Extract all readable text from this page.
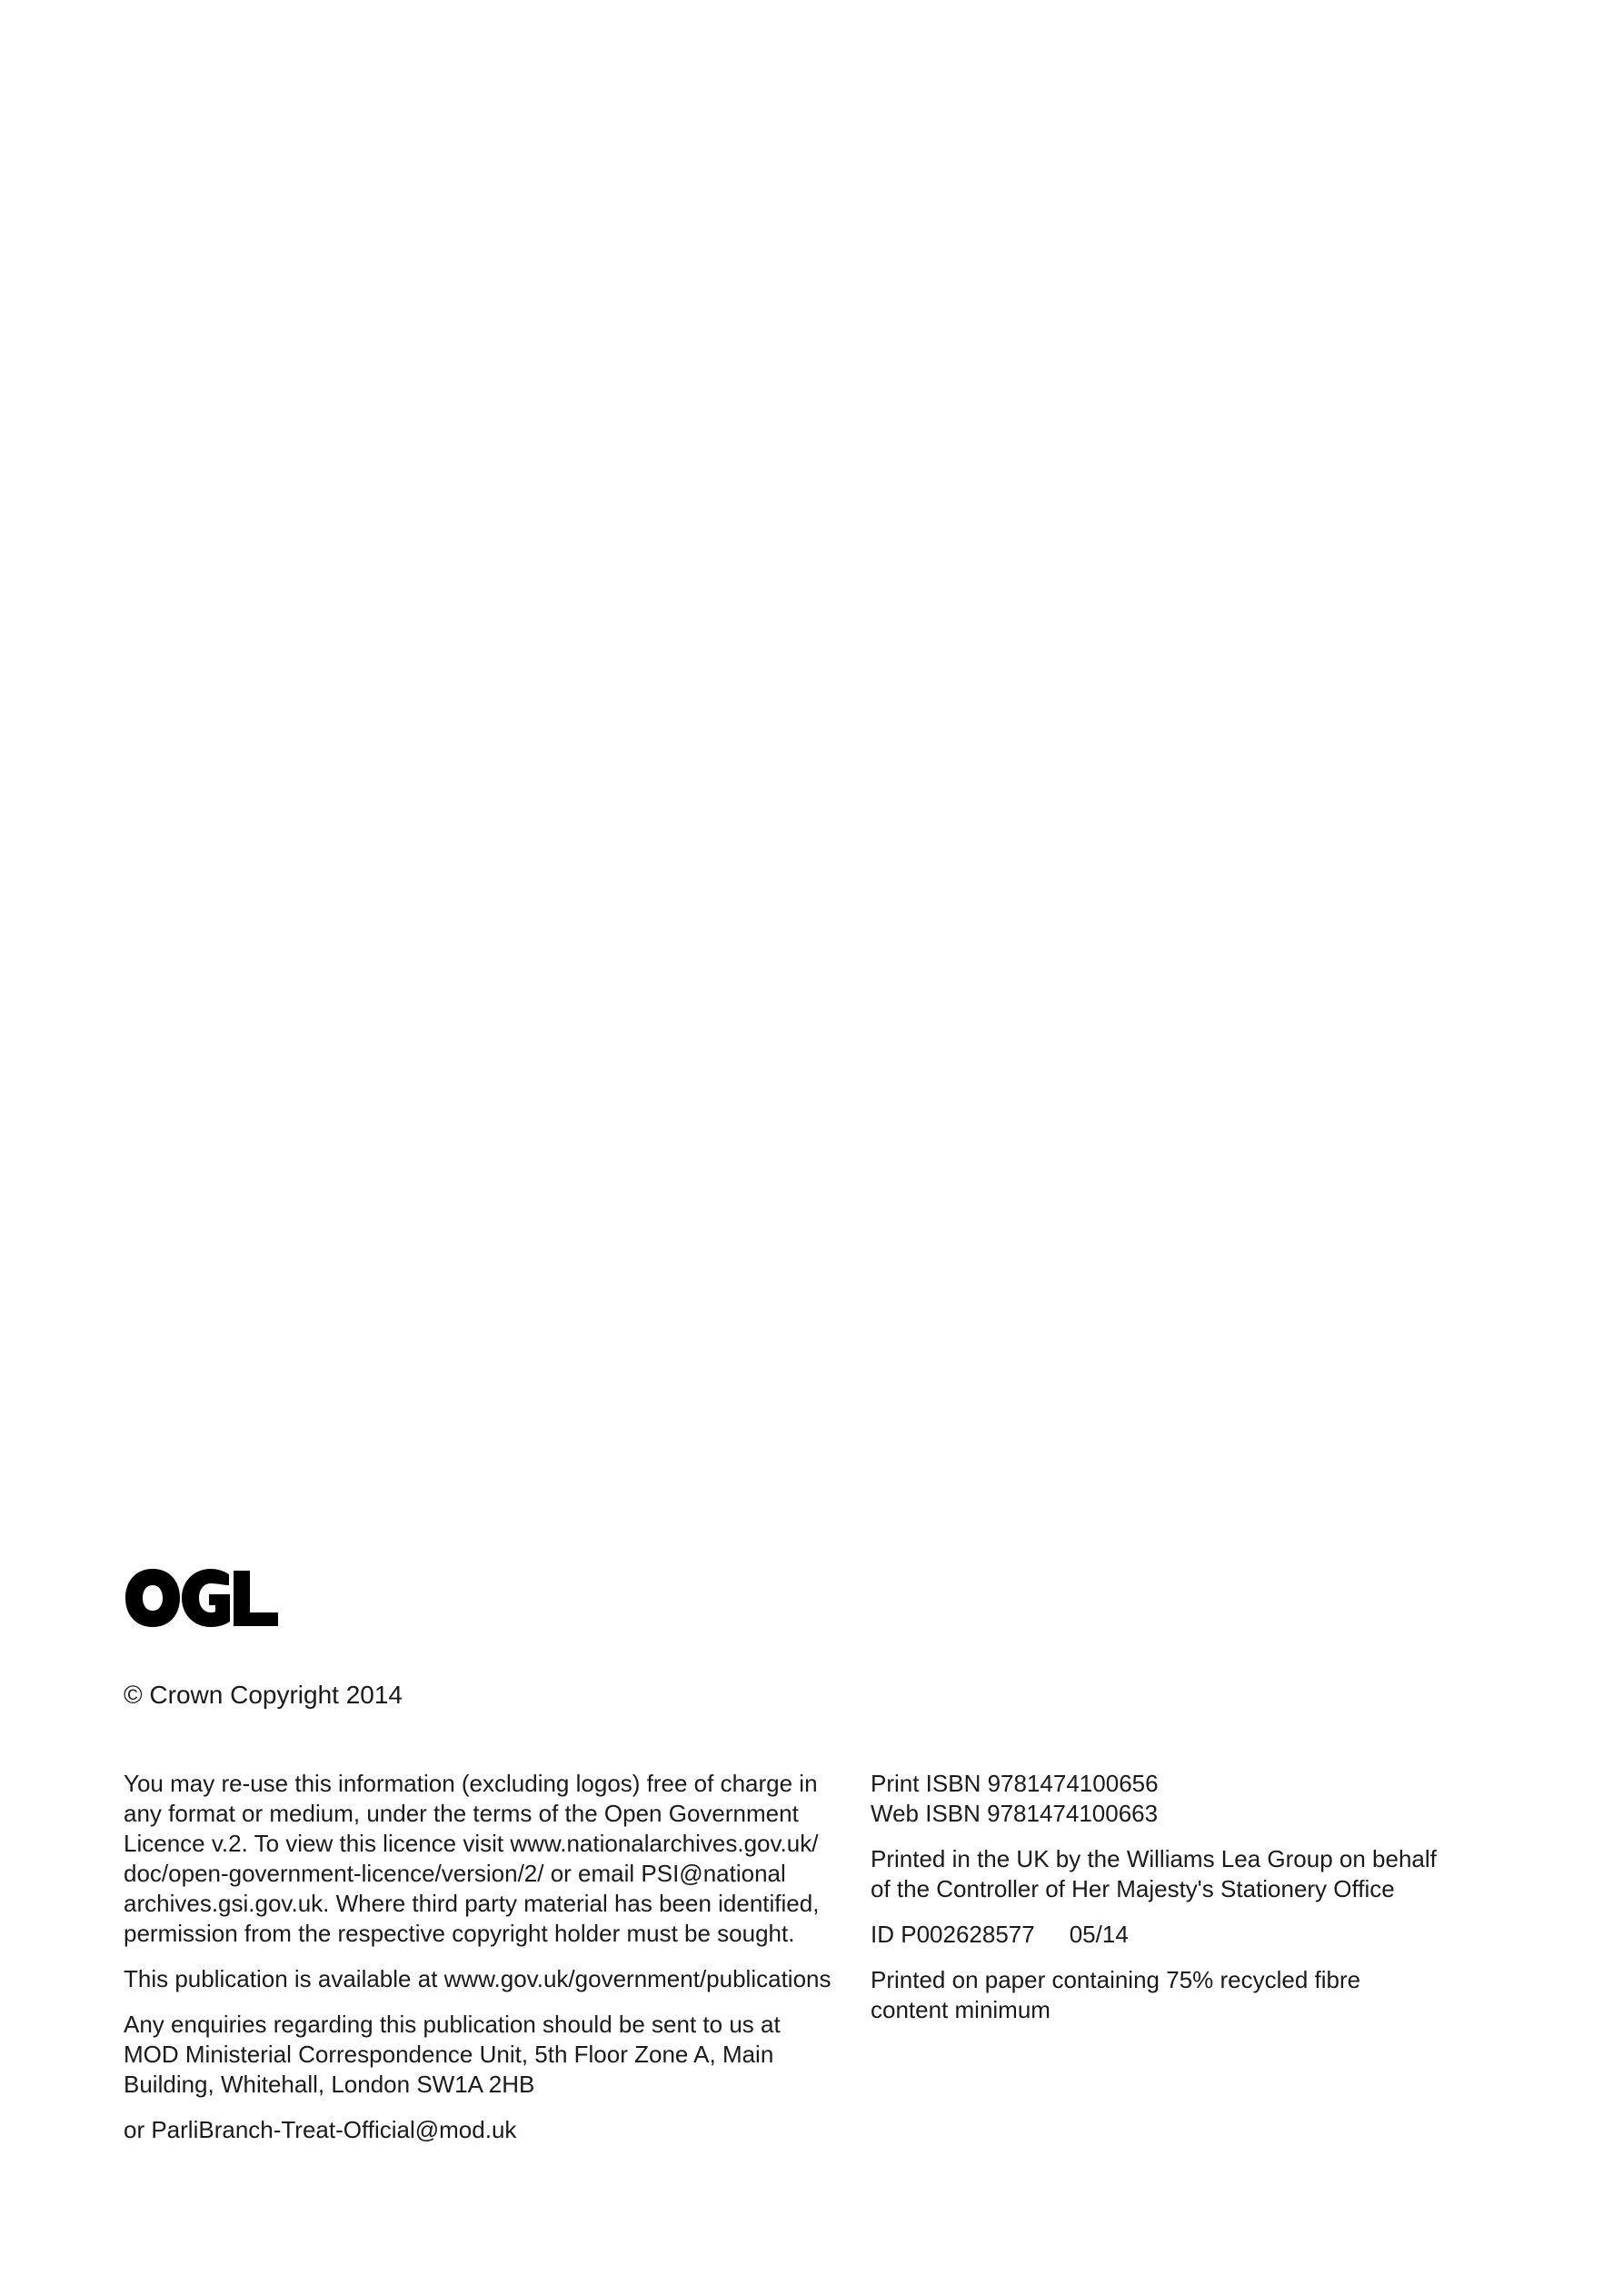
© Crown Copyright 2014
You may re-use this information (excluding logos) free of charge in
any format or medium, under the terms of the Open Government
Licence v.2. To view this licence visit www.nationalarchives.gov.uk/
doc/open-government-licence/version/2/ or email PSI@national
archives.gsi.gov.uk. Where third party material has been identified,
permission from the respective copyright holder must be sought.
This publication is available at www.gov.uk/government/publications
Any enquiries regarding this publication should be sent to us at
MOD Ministerial Correspondence Unit, 5th Floor Zone A, Main
Building, Whitehall, London SW1A 2HB
or ParliBranch-Treat-Official@mod.uk
Print ISBN 9781474100656
Web ISBN 9781474100663
Printed in the UK by the Williams Lea Group on behalf
of the Controller of Her Majesty's Stationery Office
ID P002628577 05/14
Printed on paper containing 75% recycled fibre
content minimum
